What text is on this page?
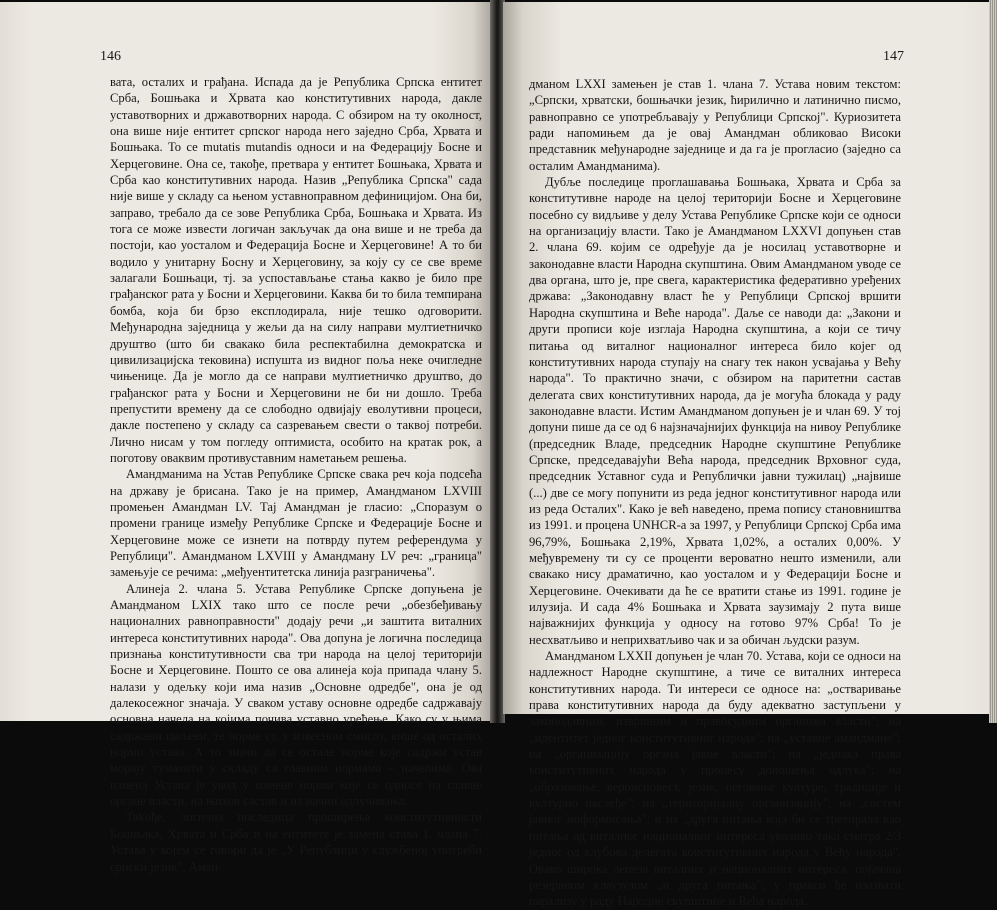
146

вата, осталих и грађана. Испада да је Република Српска ентитет Срба, Бошњака и Хрвата као конститутивних народа, дакле уставотворних и државотворних народа. С обзиром на ту околност, она више није ентитет српског народа него заједно Срба, Хрвата и Бошњака. То се mutatis mutandis односи и на Федерацију Босне и Херцеговине. Она се, такође, претвара у ентитет Бошњака, Хрвата и Срба као конститутивних народа. Назив „Република Српска" сада није више у складу са њеном уставноправном дефиницијом. Она би, заправо, требало да се зове Република Срба, Бошњака и Хрвата. Из тога се може извести логичан закључак да она више и не треба да постоји, као уосталом и Федерација Босне и Херцеговине! А то би водило у унитарну Босну и Херцеговину, за коју су се све време залагали Бошњаци, тј. за успостављање стања какво је било пре грађанског рата у Босни и Херцеговини. Каква би то била темпирана бомба, која би брзо експлодирала, није тешко одговорити. Међународна заједница у жељи да на силу направи мултиетничко друштво (што би свакако била респектабилна демократска и цивилизацијска тековина) испушта из видног поља неке очигледне чињенице. Да је могло да се направи мултиетничко друштво, до грађанског рата у Босни и Херцеговини не би ни дошло. Треба препустити времену да се слободно одвијају еволутивни процеси, дакле постепено у складу са сазревањем свести о таквој потреби. Лично нисам у том погледу оптимиста, особито на кратак рок, а поготову оваквим противуставним наметањем решења.

Амандманима на Устав Републике Српске свака реч која подсећа на државу је брисана. Тако је на пример, Амандманом LXVIII промењен Амандман LV. Тај Амандман је гласио: „Споразум о промени границе између Републике Српске и Федерације Босне и Херцеговине може се изнети на потврду путем референдума у Републици". Амандманом LXVIII у Амандману LV реч: „граница" замењује се речима: „међуентитетска линија разграничења".

Алинеја 2. члана 5. Устава Републике Српске допуњена је Амандманом LXIX тако што се после речи „обезбеђивању националних равноправности" додају речи „и заштита виталних интереса конститутивних народа". Ова допуна је логична последица признања конститутивности сва три народа на целој територији Босне и Херцеговине. Пошто се ова алинеја која припада члану 5. налази у одељку који има назив „Основне одредбе", она је од далекосежног значаја. У сваком уставу основне одредбе садржавају основна начела на којима почива уставно уређење. Како су у њима садржани циљеви, те норме су, у извесном смислу, више од осталих норми устава. А то значи да се остале норме које садржи устав морају тумачити у складу са главним нормама – начелима. Ова измена Устава је увод у измене норми које се односе на главне органе власти, на њихов састав и на начин одлучивања.

Takoђe, логична последица проширења конститутивности Бошњака, Хрвата и Срба и на ентитете је замена става 1. члана 7. Устава у којем се говори да је „У Републици у службеној употреби српски језик". Аман-

147

дманом LXXI замењен је став 1. члана 7. Устава новим текстом: „Српски, хрватски, бошњачки језик, ћирилично и латинично писмо, равноправно се употребљавају у Републици Српској". Куриозитета ради напомињем да је овај Амандман обликовао Високи представник међународне заједнице и да га је прогласио (заједно са осталим Амандманима).

Дубље последице проглашавања Бошњака, Хрвата и Срба за конститутивне народе на целој територији Босне и Херцеговине посебно су видљиве у делу Устава Републике Српске који се односи на организацију власти. Тако је Амандманом LXXVI допуњен став 2. члана 69. којим се одређује да је носилац уставотворне и законодавне власти Народна скупштина. Овим Амандманом уводе се два органа, што је, пре свега, карактеристика федеративно уређених држава: „Законодавну власт ће у Републици Српској вршити Народна скупштина и Веће народа". Даље се наводи да: „Закони и други прописи које изглаjа Народна скупштина, а који се тичу питања од виталног националног интереса било којег од конститутивних народа ступају на снагу тек након усвајања у Већу народа". То практично значи, с обзиром на паритетни састав делегата свих конститутивних народа, да је могућа блокада у раду законодавне власти. Истим Амандманом допуњен је и члан 69. У тој допуни пише да се од 6 најзначајнијих функција на нивоу Републике (председник Владе, председник Народне скупштине Републике Српске, председавајући Већа народа, председник Врховног суда, председник Уставног суда и Републички јавни тужилац) „највише (...) две се могу попунити из реда једног конститутивног народа или из реда Осталих". Како је већ наведено, према попису становништва из 1991. и процена UNHCR-а за 1997, у Републици Српској Срба има 96,79%, Бошњака 2,19%, Хрвата 1,02%, а осталих 0,00%. У међувремену ти су се проценти вероватно нешто изменили, али свакако нису драматично, као уосталом и у Федерацији Босне и Херцеговине. Очекивати да ће се вратити стање из 1991. године је илузија. И сада 4% Бошњака и Хрвата заузимају 2 пута више најважнијих функција у односу на готово 97% Срба! То је несхватљиво и неприхватљиво чак и за обичан људски разум.

Амандманом LXXII допуњен је члан 70. Устава, који се односи на надлежност Народне скупштине, а тиче се виталних интереса конститутивних народа. Ти интереси се односе на: „остваривање права конститутивних народа да буду адекватно заступљени у законодавним, извршним и правосудним органима власти"; на „идентитет једног конститутивног народа"; на „уставне амандмане"; на „организацију органа јавне власти"; на „једнака права конститутивних народа у процесу доношења одлука"; на „образовање, вероисповест, језик, неговање културе, традиције и културно наслеђе"; на „територијалну организацију"; на „систем јавног информисања"; и на „друга питања која би се третирала као питања од виталног националног интереса уколико тако сматра 2/3 једног од клубова делегата конститутивних народа у Већу народа". Овако широка лепеза виталних и националних интереса, појачана резервном клаузулом „и друга питања", у пракси ће изазвати парализу у раду Народне скупштине и Већа народа.
